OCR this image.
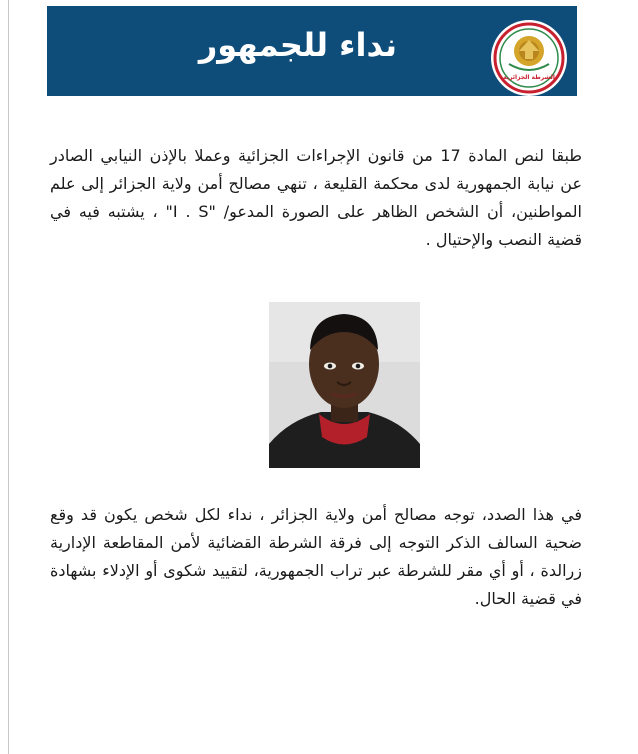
نداء للجمهور
الشرطة الجزائرية
طبقا لنص المادة 17 من قانون الإجراءات الجزائية وعملا بالإذن النيابي الصادر عن نيابة الجمهورية لدى محكمة القليعة ، تنهي مصالح أمن ولاية الجزائر إلى علم المواطنين، أن الشخص الظاهر على الصورة المدعو/ "I . S" ، يشتبه فيه في قضية النصب والإحتيال .
في هذا الصدد، توجه مصالح أمن ولاية الجزائر ، نداء لكل شخص يكون قد وقع ضحية السالف الذكر التوجه إلى فرقة الشرطة القضائية لأمن المقاطعة الإدارية زرالدة ، أو أي مقر للشرطة عبر تراب الجمهورية، لتقييد شكوى أو الإدلاء بشهادة في قضية الحال.
